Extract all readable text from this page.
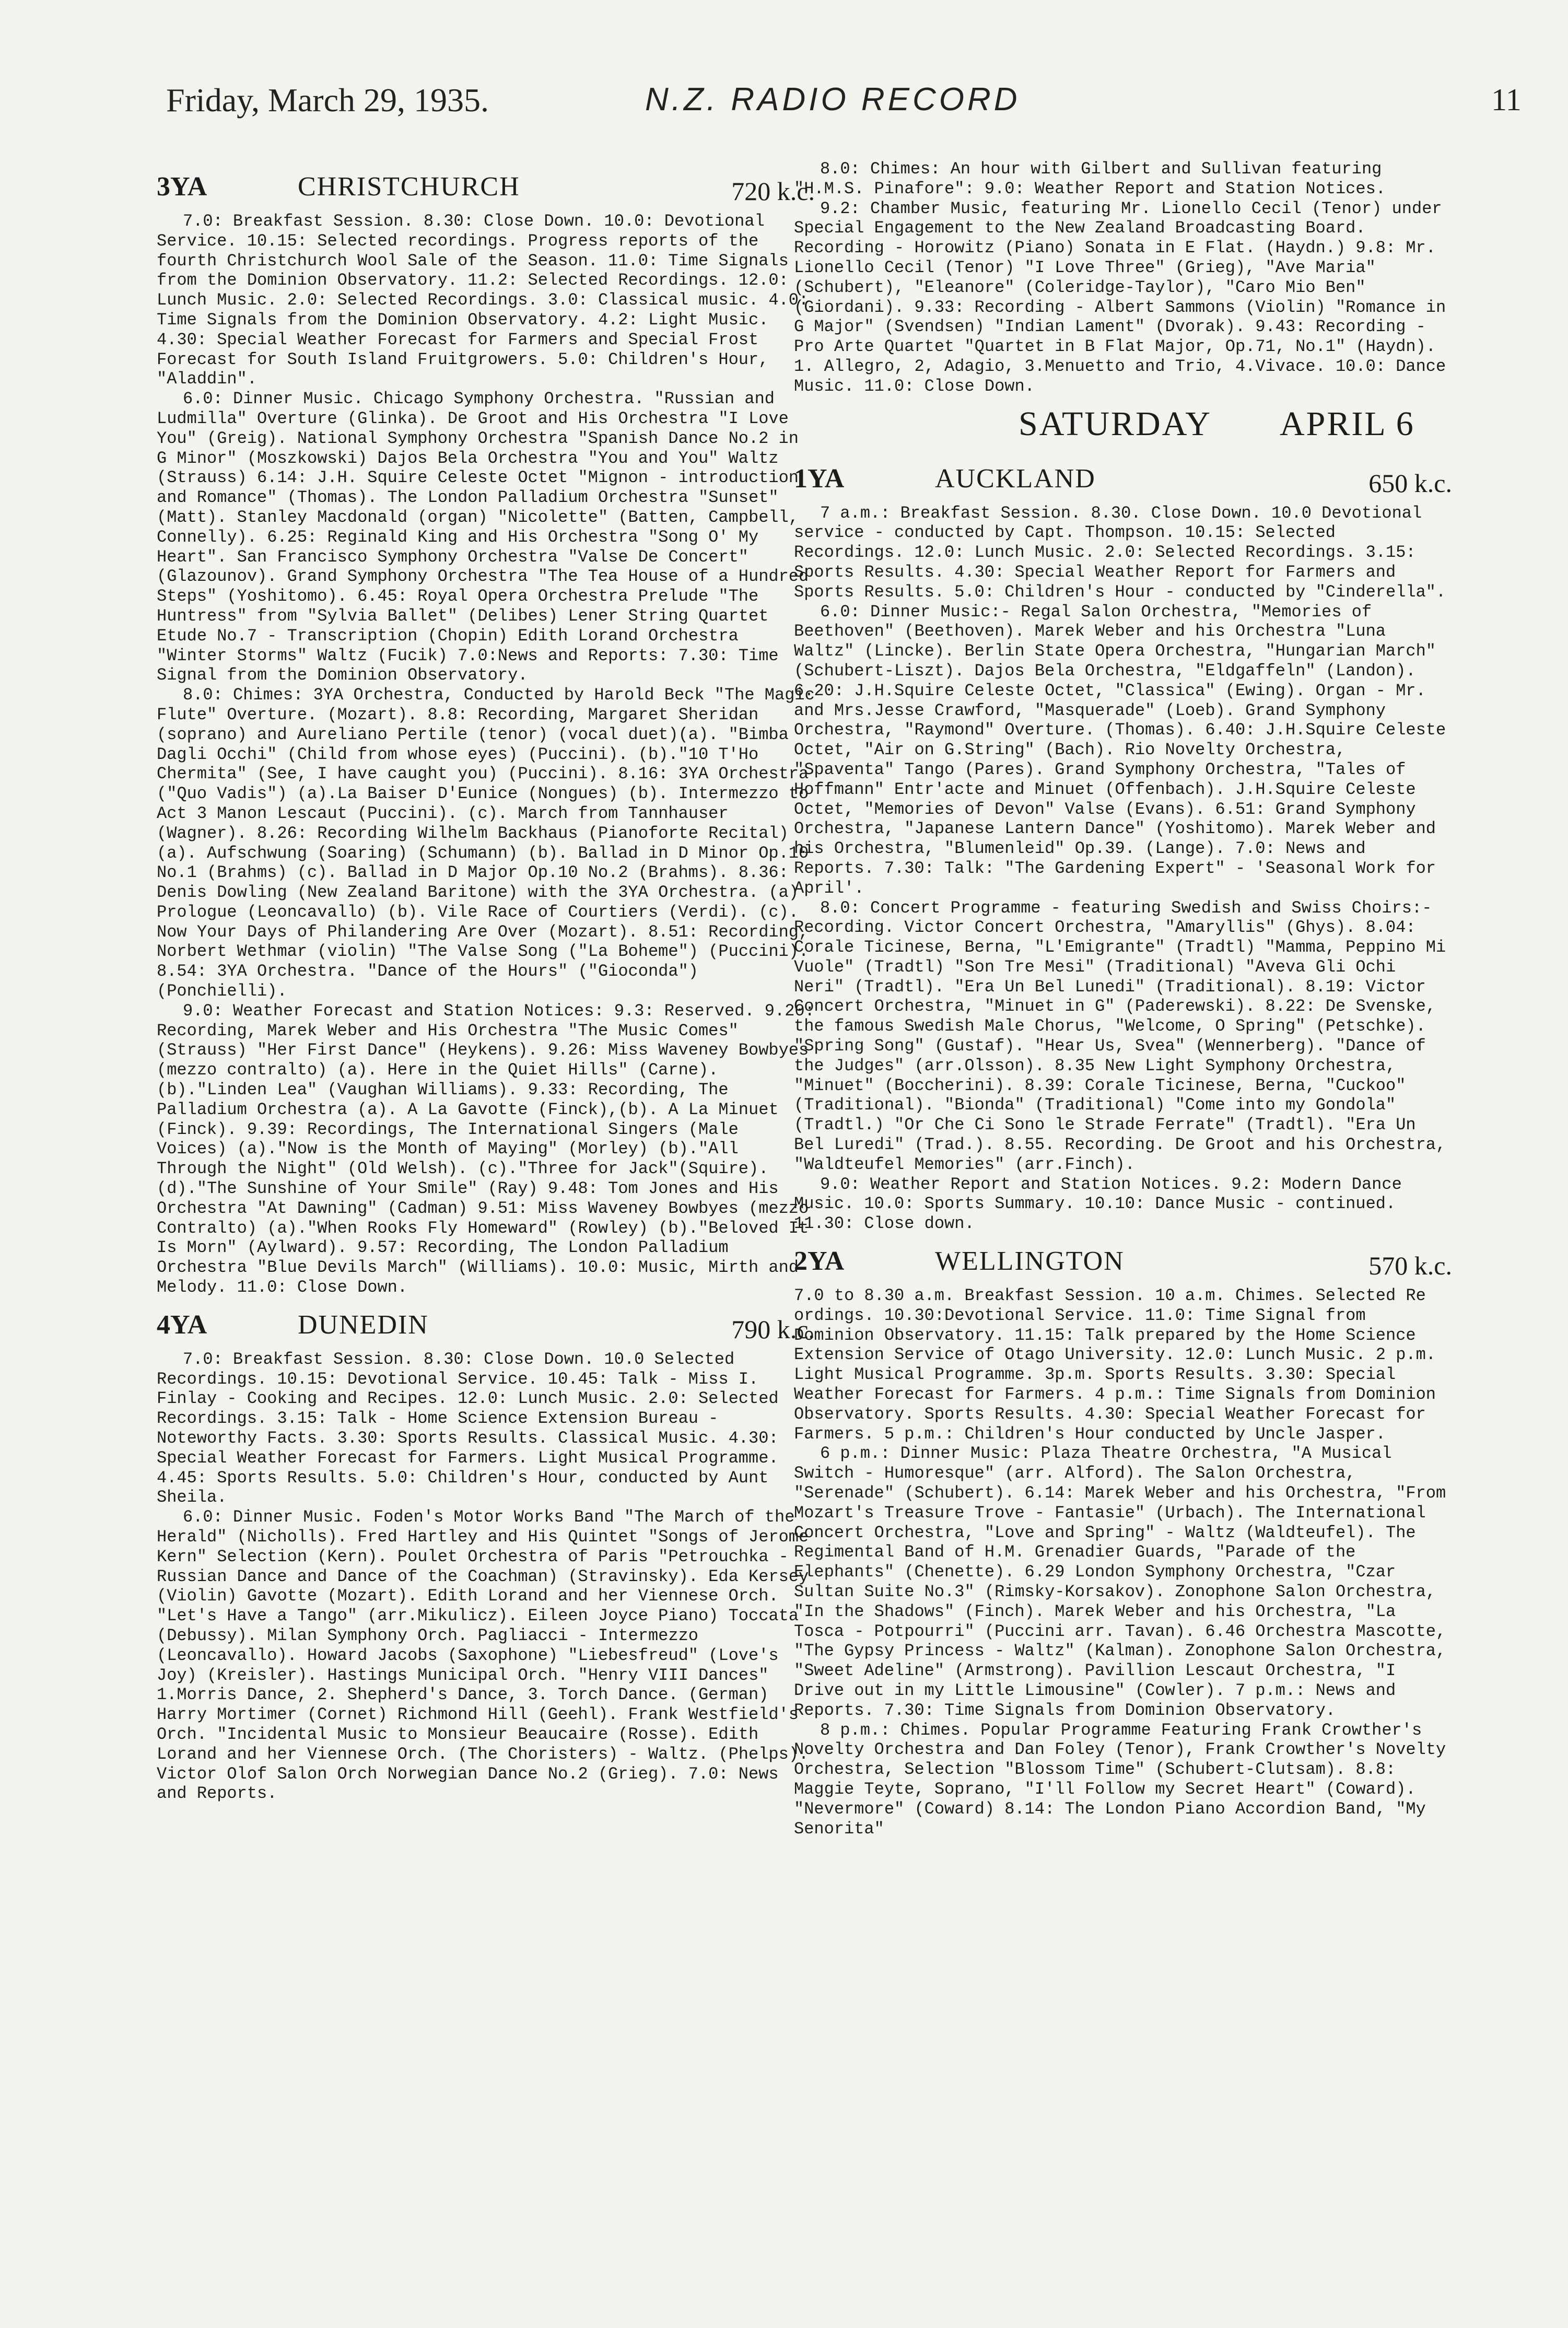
Friday, March 29, 1935.	N.Z. RADIO RECORD	11
3YA	CHRISTCHURCH	720 k.c.

7.0: Breakfast Session. 8.30: Close Down. 10.0: Devotional Service. 10.15: Selected recordings. Progress reports of the fourth Christchurch Wool Sale of the Season. 11.0: Time Signals from the Dominion Observatory. 11.2: Selected Recordings. 12.0: Lunch Music. 2.0: Selected Recordings. 3.0: Classical music. 4.0: Time Signals from the Dominion Observatory. 4.2: Light Music. 4.30: Special Weather Forecast for Farmers and Special Frost Forecast for South Island Fruitgrowers. 5.0: Children's Hour, "Aladdin".

6.0: Dinner Music. Chicago Symphony Orchestra. "Russian and Ludmilla" Overture (Glinka). De Groot and His Orchestra "I Love You" (Greig). National Symphony Orchestra "Spanish Dance No.2 in G Minor" (Moszkowski) Dajos Bela Orchestra "You and You" Waltz (Strauss) 6.14: J.H. Squire Celeste Octet "Mignon - introduction and Romance" (Thomas). The London Palladium Orchestra "Sunset" (Matt). Stanley Macdonald (organ) "Nicolette" (Batten, Campbell, Connelly). 6.25: Reginald King and His Orchestra "Song O' My Heart". San Francisco Symphony Orchestra "Valse De Concert" (Glazounov). Grand Symphony Orchestra "The Tea House of a Hundred Steps" (Yoshitomo). 6.45: Royal Opera Orchestra Prelude "The Huntress" from "Sylvia Ballet" (Delibes) Lener String Quartet Etude No.7 - Transcription (Chopin) Edith Lorand Orchestra "Winter Storms" Waltz (Fucik) 7.0:News and Reports: 7.30: Time Signal from the Dominion Observatory.

8.0: Chimes: 3YA Orchestra, Conducted by Harold Beck "The Magic Flute" Overture. (Mozart). 8.8: Recording, Margaret Sheridan (soprano) and Aureliano Pertile (tenor) (vocal duet)(a). "Bimba Dagli Occhi" (Child from whose eyes) (Puccini). (b)."10 T'Ho Chermita" (See, I have caught you) (Puccini). 8.16: 3YA Orchestra ("Quo Vadis") (a).La Baiser D'Eunice (Nongues) (b). Intermezzo to Act 3 Manon Lescaut (Puccini). (c). March from Tannhauser (Wagner). 8.26: Recording Wilhelm Backhaus (Pianoforte Recital) (a). Aufschwung (Soaring) (Schumann) (b). Ballad in D Minor Op.10 No.1 (Brahms) (c). Ballad in D Major Op.10 No.2 (Brahms). 8.36: Denis Dowling (New Zealand Baritone) with the 3YA Orchestra. (a) Prologue (Leoncavallo) (b). Vile Race of Courtiers (Verdi). (c). Now Your Days of Philandering Are Over (Mozart). 8.51: Recording, Norbert Wethmar (violin) "The Valse Song ("La Boheme") (Puccini). 8.54: 3YA Orchestra. "Dance of the Hours" ("Gioconda") (Ponchielli).

9.0: Weather Forecast and Station Notices: 9.3: Reserved. 9.20: Recording, Marek Weber and His Orchestra "The Music Comes" (Strauss) "Her First Dance" (Heykens). 9.26: Miss Waveney Bowbyes (mezzo contralto) (a). Here in the Quiet Hills" (Carne). (b)."Linden Lea" (Vaughan Williams). 9.33: Recording, The Palladium Orchestra (a). A La Gavotte (Finck),(b). A La Minuet (Finck). 9.39: Recordings, The International Singers (Male Voices) (a)."Now is the Month of Maying" (Morley) (b)."All Through the Night" (Old Welsh). (c)."Three for Jack"(Squire). (d)."The Sunshine of Your Smile" (Ray) 9.48: Tom Jones and His Orchestra "At Dawning" (Cadman) 9.51: Miss Waveney Bowbyes (mezzo Contralto) (a)."When Rooks Fly Homeward" (Rowley) (b)."Beloved It Is Morn" (Aylward). 9.57: Recording, The London Palladium Orchestra "Blue Devils March" (Williams). 10.0: Music, Mirth and Melody. 11.0: Close Down.

4YA	DUNEDIN	790 k.c.

7.0: Breakfast Session. 8.30: Close Down. 10.0 Selected Recordings. 10.15: Devotional Service. 10.45: Talk - Miss I. Finlay - Cooking and Recipes. 12.0: Lunch Music. 2.0: Selected Recordings. 3.15: Talk - Home Science Extension Bureau - Noteworthy Facts. 3.30: Sports Results. Classical Music. 4.30: Special Weather Forecast for Farmers. Light Musical Programme. 4.45: Sports Results. 5.0: Children's Hour, conducted by Aunt Sheila.

6.0: Dinner Music. Foden's Motor Works Band "The March of the Herald" (Nicholls). Fred Hartley and His Quintet "Songs of Jerome Kern" Selection (Kern). Poulet Orchestra of Paris "Petrouchka - Russian Dance and Dance of the Coachman) (Stravinsky). Eda Kersey (Violin) Gavotte (Mozart). Edith Lorand and her Viennese Orch. "Let's Have a Tango" (arr.Mikulicz). Eileen Joyce Piano) Toccata (Debussy). Milan Symphony Orch. Pagliacci - Intermezzo (Leoncavallo). Howard Jacobs (Saxophone) "Liebesfreud" (Love's Joy) (Kreisler). Hastings Municipal Orch. "Henry VIII Dances" 1.Morris Dance, 2. Shepherd's Dance, 3. Torch Dance. (German) Harry Mortimer (Cornet) Richmond Hill (Geehl). Frank Westfield's Orch. "Incidental Music to Monsieur Beaucaire (Rosse). Edith Lorand and her Viennese Orch. (The Choristers) - Waltz. (Phelps). Victor Olof Salon Orch Norwegian Dance No.2 (Grieg). 7.0: News and Reports.

8.0: Chimes: An hour with Gilbert and Sullivan featuring "H.M.S. Pinafore": 9.0: Weather Report and Station Notices.

9.2: Chamber Music, featuring Mr. Lionello Cecil (Tenor) under Special Engagement to the New Zealand Broadcasting Board. Recording - Horowitz (Piano) Sonata in E Flat. (Haydn.) 9.8: Mr. Lionello Cecil (Tenor) "I Love Three" (Grieg), "Ave Maria" (Schubert), "Eleanore" (Coleridge-Taylor), "Caro Mio Ben" (Giordani). 9.33: Recording - Albert Sammons (Violin) "Romance in G Major" (Svendsen) "Indian Lament" (Dvorak). 9.43: Recording - Pro Arte Quartet "Quartet in B Flat Major, Op.71, No.1" (Haydn). 1. Allegro, 2, Adagio, 3.Menuetto and Trio, 4.Vivace. 10.0: Dance Music. 11.0: Close Down.

SATURDAY APRIL 6
1YA	AUCKLAND	650 k.c.

7 a.m.: Breakfast Session. 8.30. Close Down. 10.0 Devotional service - conducted by Capt. Thompson. 10.15: Selected Recordings. 12.0: Lunch Music. 2.0: Selected Recordings. 3.15: Sports Results. 4.30: Special Weather Report for Farmers and Sports Results. 5.0: Children's Hour - conducted by "Cinderella".

6.0: Dinner Music:- Regal Salon Orchestra, "Memories of Beethoven" (Beethoven). Marek Weber and his Orchestra "Luna Waltz" (Lincke). Berlin State Opera Orchestra, "Hungarian March" (Schubert-Liszt). Dajos Bela Orchestra, "Eldgaffeln" (Landon). 6.20: J.H.Squire Celeste Octet, "Classica" (Ewing). Organ - Mr. and Mrs.Jesse Crawford, "Masquerade" (Loeb). Grand Symphony Orchestra, "Raymond" Overture. (Thomas). 6.40: J.H.Squire Celeste Octet, "Air on G.String" (Bach). Rio Novelty Orchestra, "Spaventa" Tango (Pares). Grand Symphony Orchestra, "Tales of Hoffmann" Entr'acte and Minuet (Offenbach). J.H.Squire Celeste Octet, "Memories of Devon" Valse (Evans). 6.51: Grand Symphony Orchestra, "Japanese Lantern Dance" (Yoshitomo). Marek Weber and his Orchestra, "Blumenleid" Op.39. (Lange). 7.0: News and Reports. 7.30: Talk: "The Gardening Expert" - 'Seasonal Work for April'.

8.0: Concert Programme - featuring Swedish and Swiss Choirs:- Recording. Victor Concert Orchestra, "Amaryllis" (Ghys). 8.04: Corale Ticinese, Berna, "L'Emigrante" (Tradtl) "Mamma, Peppino Mi Vuole" (Tradtl) "Son Tre Mesi" (Traditional) "Aveva Gli Ochi Neri" (Tradtl). "Era Un Bel Lunedi" (Traditional). 8.19: Victor Concert Orchestra, "Minuet in G" (Paderewski). 8.22: De Svenske, the famous Swedish Male Chorus, "Welcome, O Spring" (Petschke). "Spring Song" (Gustaf). "Hear Us, Svea" (Wennerberg). "Dance of the Judges" (arr.Olsson). 8.35 New Light Symphony Orchestra, "Minuet" (Boccherini). 8.39: Corale Ticinese, Berna, "Cuckoo" (Traditional). "Bionda" (Traditional) "Come into my Gondola" (Tradtl.) "Or Che Ci Sono le Strade Ferrate" (Tradtl). "Era Un Bel Luredi" (Trad.). 8.55. Recording. De Groot and his Orchestra, "Waldteufel Memories" (arr.Finch).

9.0: Weather Report and Station Notices. 9.2: Modern Dance Music. 10.0: Sports Summary. 10.10: Dance Music - continued. 11.30: Close down.

2YA	WELLINGTON	570 k.c.

7.0 to 8.30 a.m. Breakfast Session. 10 a.m. Chimes. Selected Re ordings. 10.30:Devotional Service. 11.0: Time Signal from Dominion Observatory. 11.15: Talk prepared by the Home Science Extension Service of Otago University. 12.0: Lunch Music. 2 p.m. Light Musical Programme. 3p.m. Sports Results. 3.30: Special Weather Forecast for Farmers. 4 p.m.: Time Signals from Dominion Observatory. Sports Results. 4.30: Special Weather Forecast for Farmers. 5 p.m.: Children's Hour conducted by Uncle Jasper.

6 p.m.: Dinner Music: Plaza Theatre Orchestra, "A Musical Switch - Humoresque" (arr. Alford). The Salon Orchestra, "Serenade" (Schubert). 6.14: Marek Weber and his Orchestra, "From Mozart's Treasure Trove - Fantasie" (Urbach). The International Concert Orchestra, "Love and Spring" - Waltz (Waldteufel). The Regimental Band of H.M. Grenadier Guards, "Parade of the Elephants" (Chenette). 6.29 London Symphony Orchestra, "Czar Sultan Suite No.3" (Rimsky-Korsakov). Zonophone Salon Orchestra, "In the Shadows" (Finch). Marek Weber and his Orchestra, "La Tosca - Potpourri" (Puccini arr. Tavan). 6.46 Orchestra Mascotte, "The Gypsy Princess - Waltz" (Kalman). Zonophone Salon Orchestra, "Sweet Adeline" (Armstrong). Pavillion Lescaut Orchestra, "I Drive out in my Little Limousine" (Cowler). 7 p.m.: News and Reports. 7.30: Time Signals from Dominion Observatory.

8 p.m.: Chimes. Popular Programme Featuring Frank Crowther's Novelty Orchestra and Dan Foley (Tenor), Frank Crowther's Novelty Orchestra, Selection "Blossom Time" (Schubert-Clutsam). 8.8: Maggie Teyte, Soprano, "I'll Follow my Secret Heart" (Coward). "Nevermore" (Coward) 8.14: The London Piano Accordion Band, "My Senorita"
